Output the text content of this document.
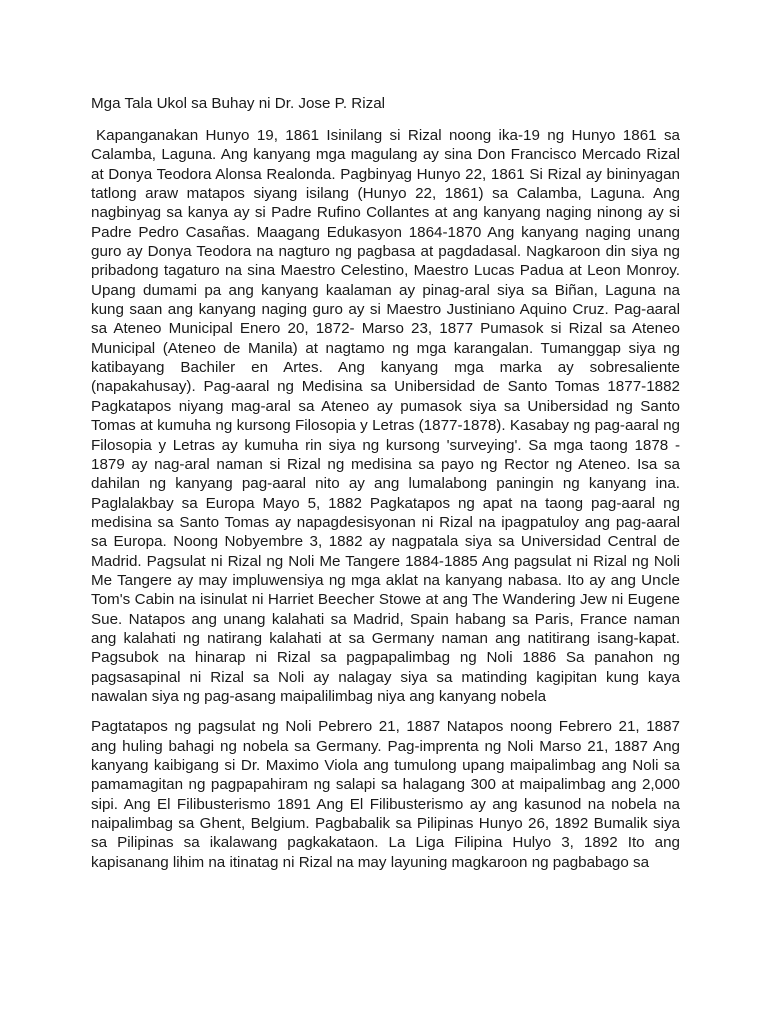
Mga Tala Ukol sa Buhay ni Dr. Jose P. Rizal

Kapanganakan Hunyo 19, 1861 Isinilang si Rizal noong ika-19 ng Hunyo 1861 sa Calamba, Laguna. Ang kanyang mga magulang ay sina Don Francisco Mercado Rizal at Donya Teodora Alonsa Realonda. Pagbinyag Hunyo 22, 1861 Si Rizal ay bininyagan tatlong araw matapos siyang isilang (Hunyo 22, 1861) sa Calamba, Laguna. Ang nagbinyag sa kanya ay si Padre Rufino Collantes at ang kanyang naging ninong ay si Padre Pedro Casañas. Maagang Edukasyon 1864-1870 Ang kanyang naging unang guro ay Donya Teodora na nagturo ng pagbasa at pagdadasal. Nagkaroon din siya ng pribadong tagaturo na sina Maestro Celestino, Maestro Lucas Padua at Leon Monroy. Upang dumami pa ang kanyang kaalaman ay pinag-aral siya sa Biñan, Laguna na kung saan ang kanyang naging guro ay si Maestro Justiniano Aquino Cruz. Pag-aaral sa Ateneo Municipal Enero 20, 1872- Marso 23, 1877 Pumasok si Rizal sa Ateneo Municipal (Ateneo de Manila) at nagtamo ng mga karangalan. Tumanggap siya ng katibayang Bachiler en Artes. Ang kanyang mga marka ay sobresaliente (napakahusay). Pag-aaral ng Medisina sa Unibersidad de Santo Tomas 1877-1882 Pagkatapos niyang mag-aral sa Ateneo ay pumasok siya sa Unibersidad ng Santo Tomas at kumuha ng kursong Filosopia y Letras (1877-1878). Kasabay ng pag-aaral ng Filosopia y Letras ay kumuha rin siya ng kursong 'surveying'. Sa mga taong 1878 - 1879 ay nag-aral naman si Rizal ng medisina sa payo ng Rector ng Ateneo. Isa sa dahilan ng kanyang pag-aaral nito ay ang lumalabong paningin ng kanyang ina. Paglalakbay sa Europa Mayo 5, 1882 Pagkatapos ng apat na taong pag-aaral ng medisina sa Santo Tomas ay napagdesisyonan ni Rizal na ipagpatuloy ang pag-aaral sa Europa. Noong Nobyembre 3, 1882 ay nagpatala siya sa Universidad Central de Madrid. Pagsulat ni Rizal ng Noli Me Tangere 1884-1885 Ang pagsulat ni Rizal ng Noli Me Tangere ay may impluwensiya ng mga aklat na kanyang nabasa. Ito ay ang Uncle Tom's Cabin na isinulat ni Harriet Beecher Stowe at ang The Wandering Jew ni Eugene Sue. Natapos ang unang kalahati sa Madrid, Spain habang sa Paris, France naman ang kalahati ng natirang kalahati at sa Germany naman ang natitirang isang-kapat. Pagsubok na hinarap ni Rizal sa pagpapalimbag ng Noli 1886 Sa panahon ng pagsasapinal ni Rizal sa Noli ay nalagay siya sa matinding kagipitan kung kaya nawalan siya ng pag-asang maipalilimbag niya ang kanyang nobela

Pagtatapos ng pagsulat ng Noli Pebrero 21, 1887 Natapos noong Febrero 21, 1887 ang huling bahagi ng nobela sa Germany. Pag-imprenta ng Noli Marso 21, 1887 Ang kanyang kaibigang si Dr. Maximo Viola ang tumulong upang maipalimbag ang Noli sa pamamagitan ng pagpapahiram ng salapi sa halagang 300 at maipalimbag ang 2,000 sipi. Ang El Filibusterismo 1891 Ang El Filibusterismo ay ang kasunod na nobela na naipalimbag sa Ghent, Belgium. Pagbabalik sa Pilipinas Hunyo 26, 1892 Bumalik siya sa Pilipinas sa ikalawang pagkakataon. La Liga Filipina Hulyo 3, 1892 Ito ang kapisanang lihim na itinatag ni Rizal na may layuning magkaroon ng pagbabago sa
